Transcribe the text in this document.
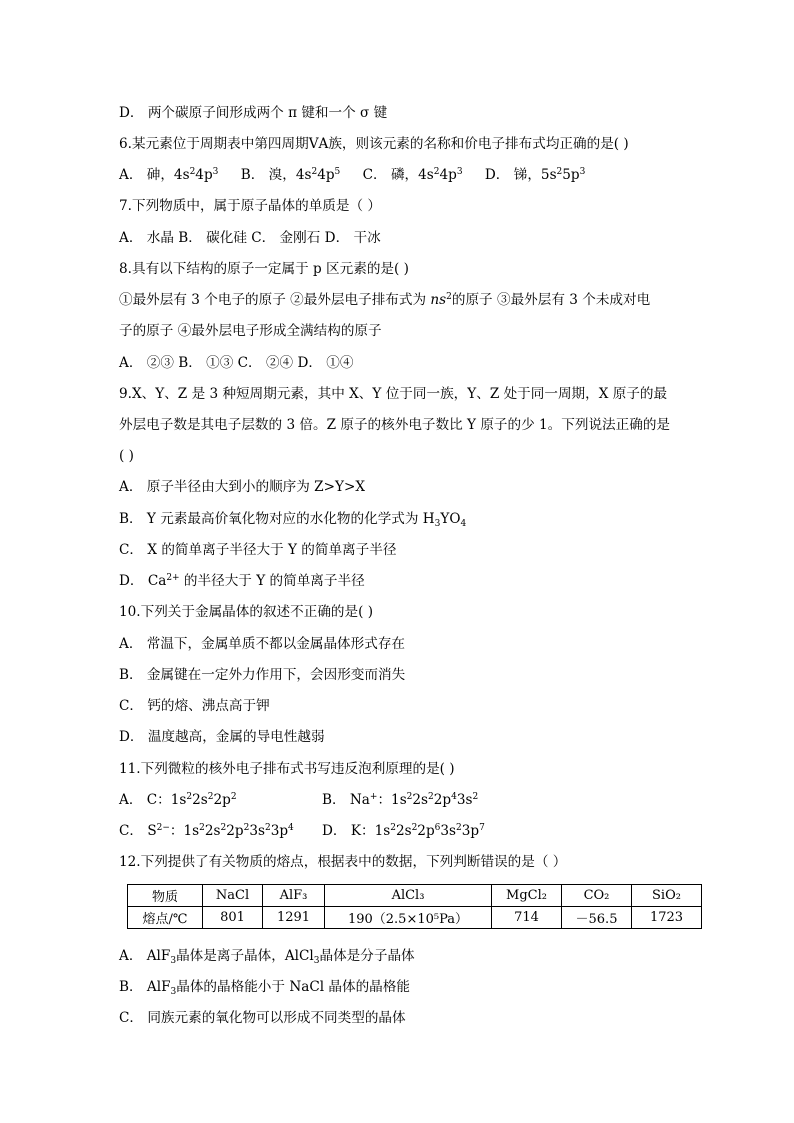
D． 两个碳原子间形成两个 π 键和一个 σ 键
6.某元素位于周期表中第四周期ⅤA族，则该元素的名称和价电子排布式均正确的是( )
A． 砷，$4s^24p^3$ B． 溴，$4s^24p^5$ C． 磷，$4s^24p^3$ D． 锑，$5s^25p^3$
7.下列物质中，属于原子晶体的单质是（ ）
A． 水晶 B． 碳化硅 C． 金刚石 D． 干冰
8.具有以下结构的原子一定属于 p 区元素的是( )
①最外层有 3 个电子的原子 ②最外层电子排布式为 $ns^2$的原子 ③最外层有 3 个未成对电
子的原子 ④最外层电子形成全满结构的原子
A． ②③ B． ①③ C． ②④ D． ①④
9.X、Y、Z 是 3 种短周期元素，其中 X、Y 位于同一族，Y、Z 处于同一周期，X 原子的最
外层电子数是其电子层数的 3 倍。Z 原子的核外电子数比 Y 原子的少 1。下列说法正确的是
( )
A． 原子半径由大到小的顺序为 Z>Y>X
B． Y 元素最高价氧化物对应的水化物的化学式为 $H_3YO_4$
C． X 的简单离子半径大于 Y 的简单离子半径
D． $Ca^{2+}$ 的半径大于 Y 的简单离子半径
10.下列关于金属晶体的叙述不正确的是( )
A． 常温下，金属单质不都以金属晶体形式存在
B． 金属键在一定外力作用下，会因形变而消失
C． 钙的熔、沸点高于钾
D． 温度越高，金属的导电性越弱
11.下列微粒的核外电子排布式书写违反泡利原理的是( )
A． C：$1s^22s^22p^2$	B． Na+：$1s^22s^22p^43s^2$
C． $S^{2-}$：$1s^22s^22p^23s^23p^4$ D． K：$1s^22s^22p^63s^23p^7$
12.下列提供了有关物质的熔点，根据表中的数据，下列判断错误的是（ ）
物质	NaCl	AlF₃	AlCl₃	MgCl₂	CO₂	SiO₂
熔点/℃	801	1291	190（2.5×10⁵Pa）	714	－56.5	1723
A． AlF$_3$晶体是离子晶体，AlCl$_3$晶体是分子晶体
B． AlF$_3$晶体的晶格能小于 NaCl 晶体的晶格能
C． 同族元素的氧化物可以形成不同类型的晶体
